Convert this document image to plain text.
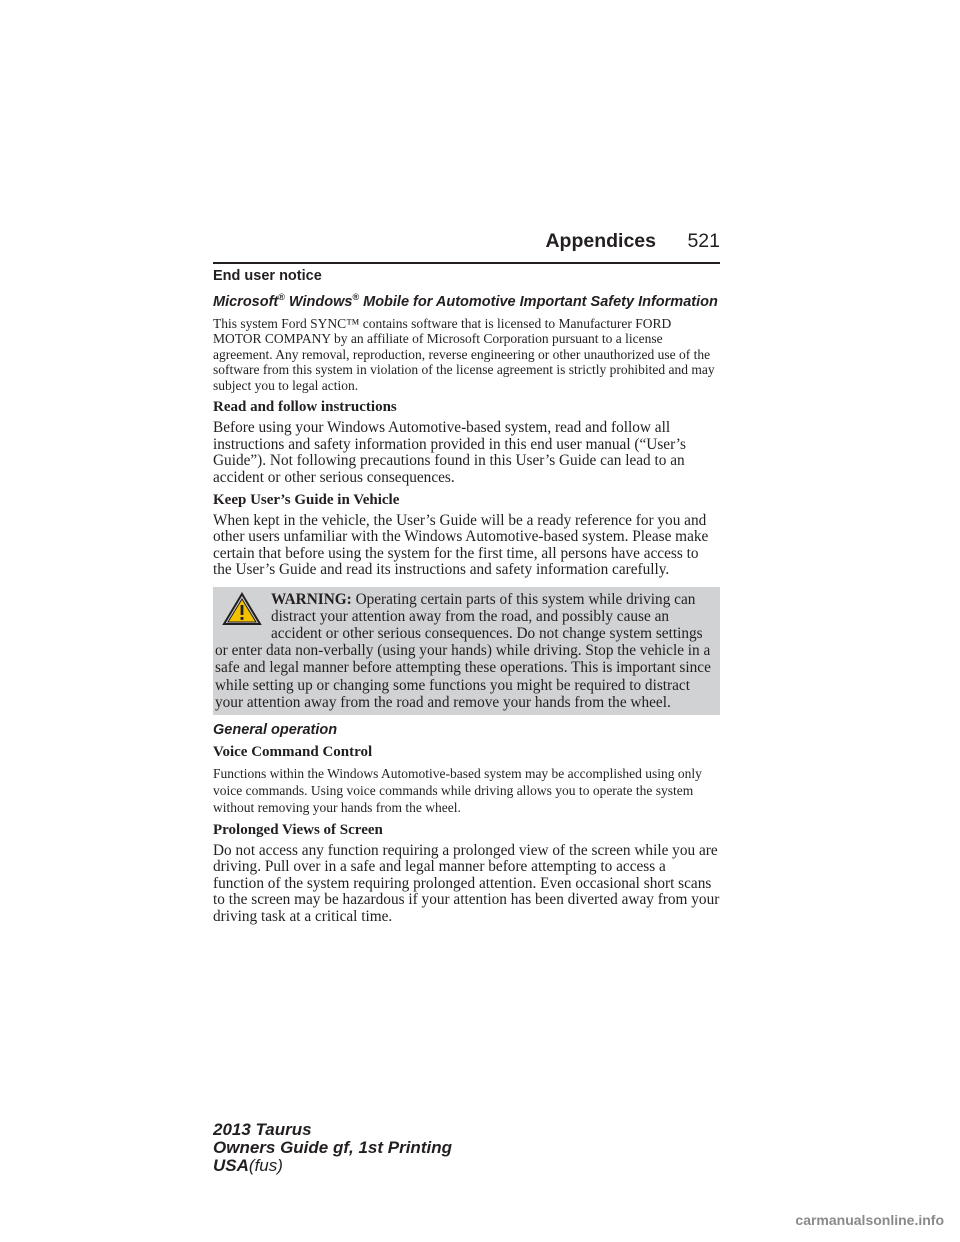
Appendices 521
End user notice
Microsoft® Windows® Mobile for Automotive Important Safety Information

This system Ford SYNC™ contains software that is licensed to Manufacturer FORD MOTOR COMPANY by an affiliate of Microsoft Corporation pursuant to a license agreement. Any removal, reproduction, reverse engineering or other unauthorized use of the software from this system in violation of the license agreement is strictly prohibited and may subject you to legal action.

Read and follow instructions

Before using your Windows Automotive-based system, read and follow all instructions and safety information provided in this end user manual (“User’s Guide”). Not following precautions found in this User’s Guide can lead to an accident or other serious consequences.

Keep User’s Guide in Vehicle

When kept in the vehicle, the User’s Guide will be a ready reference for you and other users unfamiliar with the Windows Automotive-based system. Please make certain that before using the system for the first time, all persons have access to the User’s Guide and read its instructions and safety information carefully.

WARNING: Operating certain parts of this system while driving can distract your attention away from the road, and possibly cause an accident or other serious consequences. Do not change system settings or enter data non-verbally (using your hands) while driving. Stop the vehicle in a safe and legal manner before attempting these operations. This is important since while setting up or changing some functions you might be required to distract your attention away from the road and remove your hands from the wheel.
General operation
Voice Command Control

Functions within the Windows Automotive-based system may be accomplished using only voice commands. Using voice commands while driving allows you to operate the system without removing your hands from the wheel.

Prolonged Views of Screen

Do not access any function requiring a prolonged view of the screen while you are driving. Pull over in a safe and legal manner before attempting to access a function of the system requiring prolonged attention. Even occasional short scans to the screen may be hazardous if your attention has been diverted away from your driving task at a critical time.

2013 Taurus
Owners Guide gf, 1st Printing
USA(fus)
carmanualsonline.info
